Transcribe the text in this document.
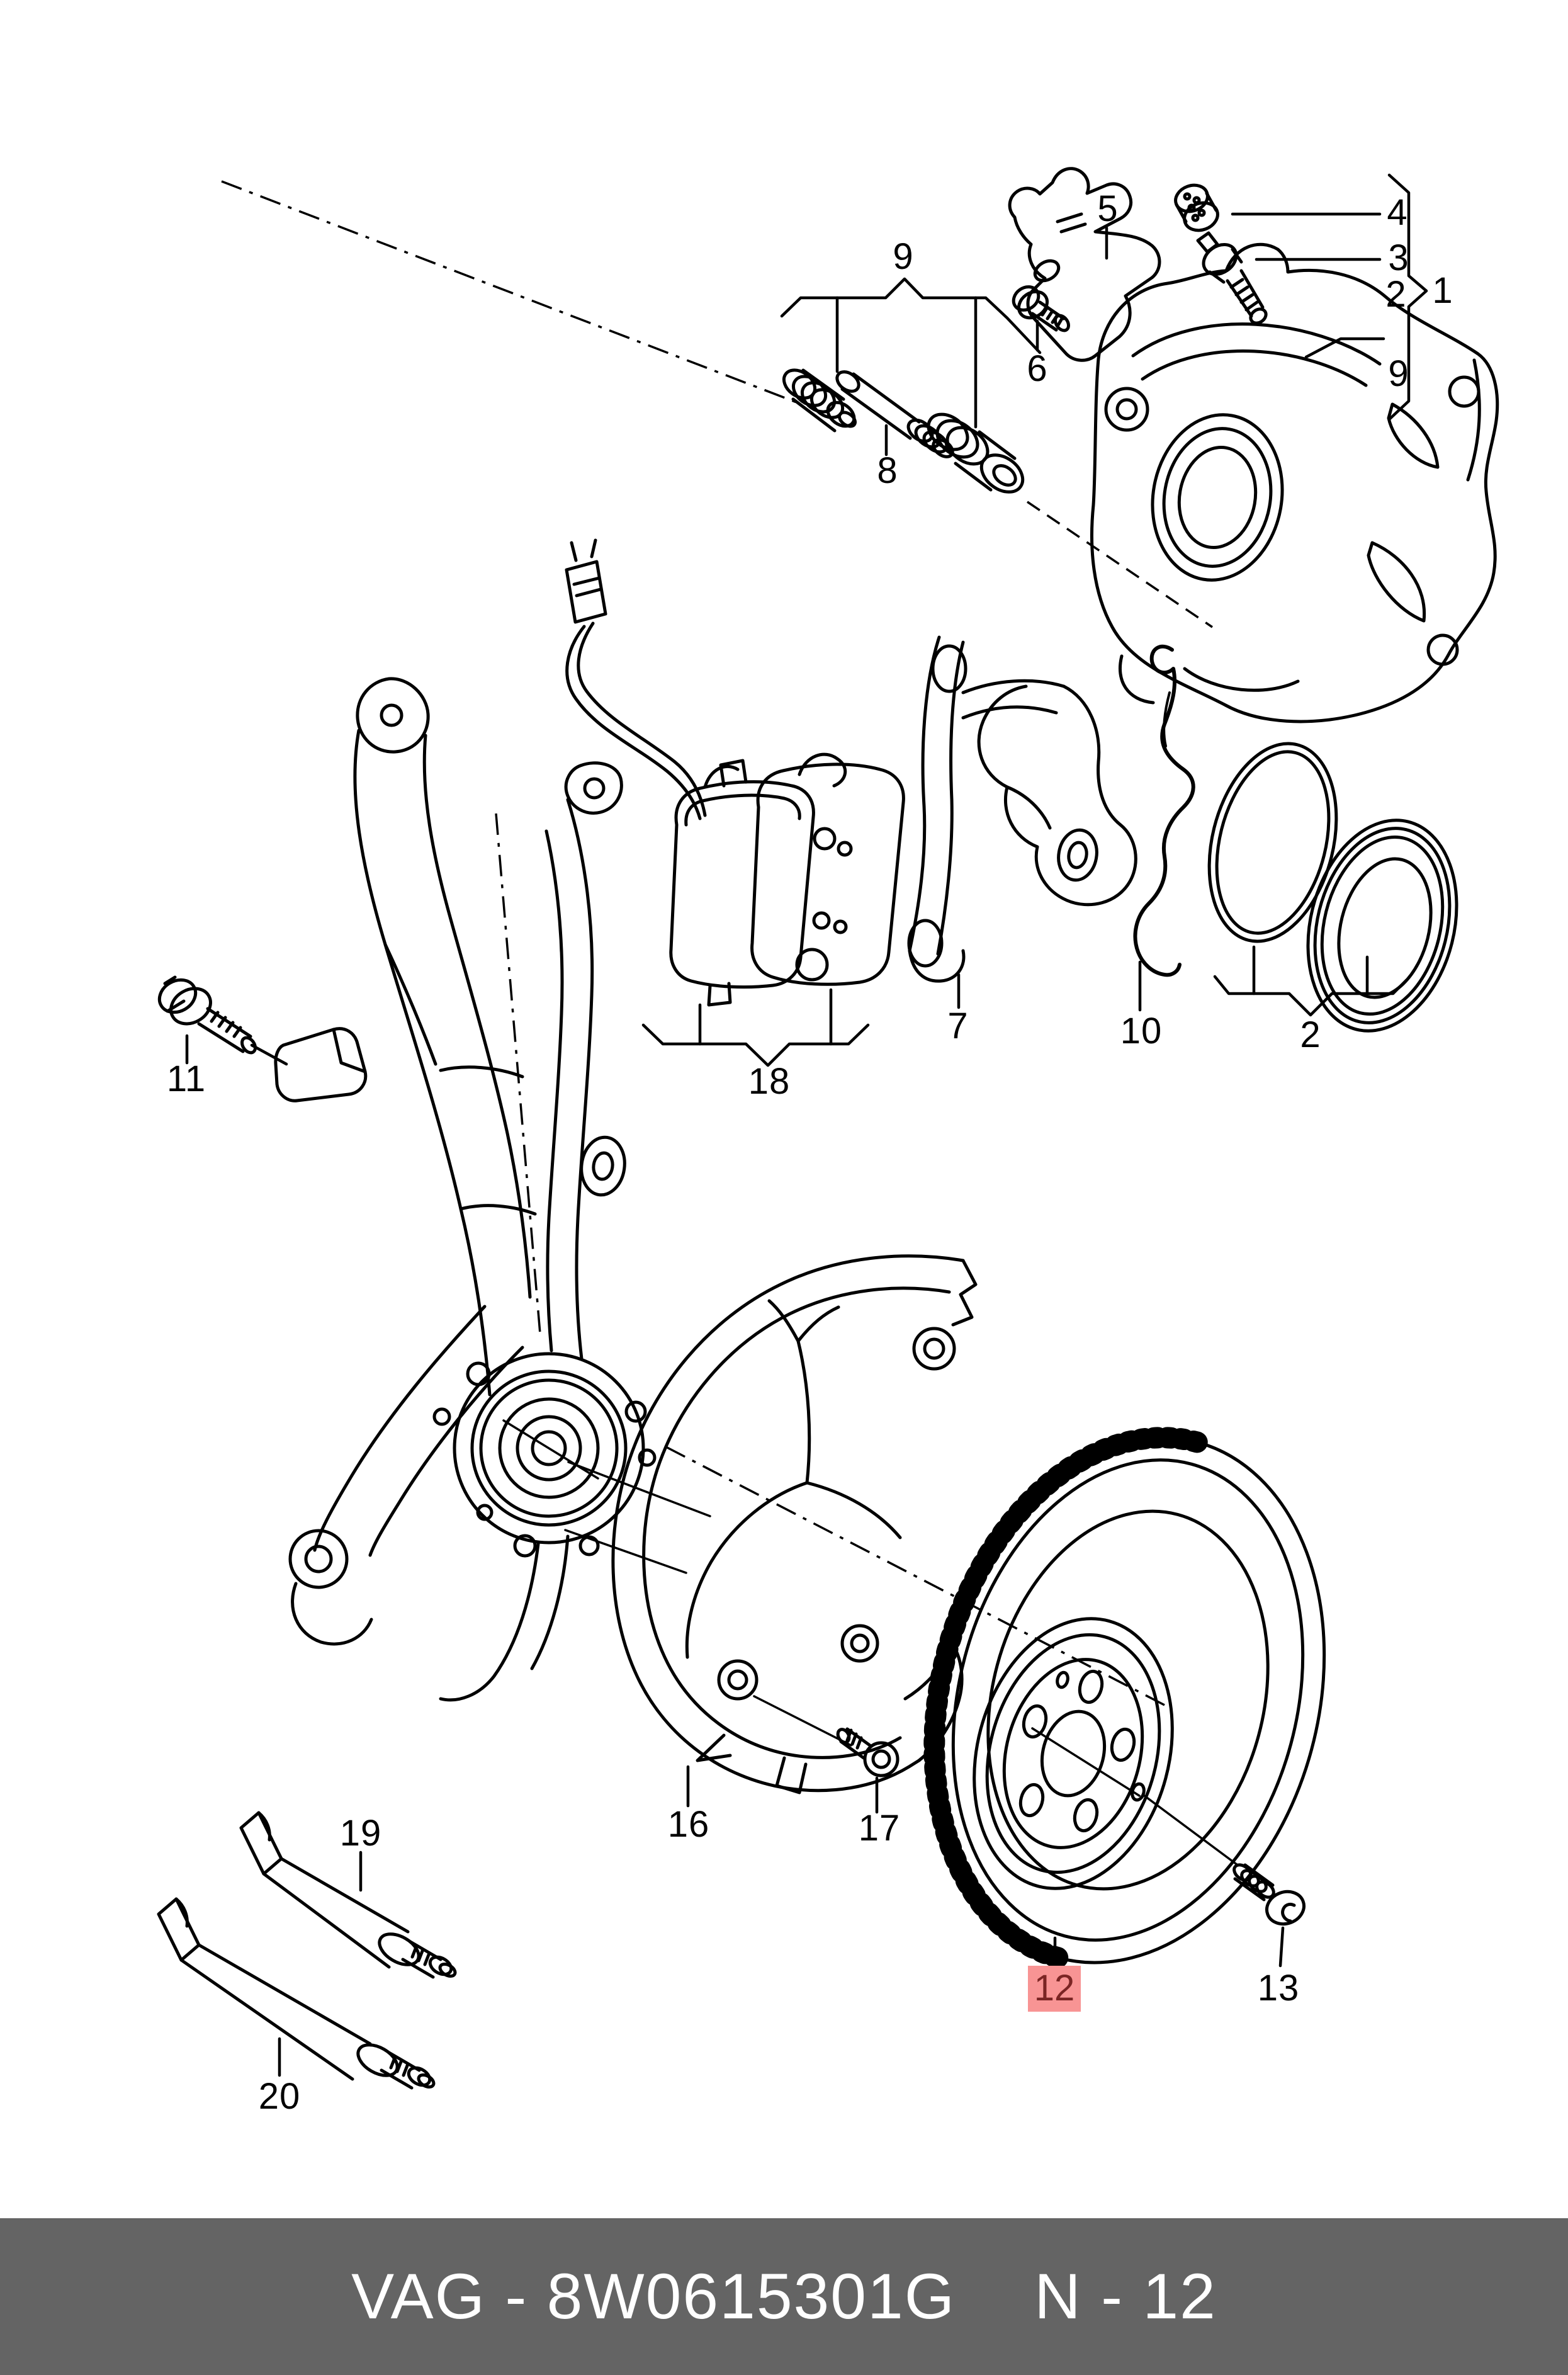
9
5	4
3
2 1
9
6
8
11
7	10	2
18
16	17
13
19
20
12
VAG - 8W0615301G N - 12
